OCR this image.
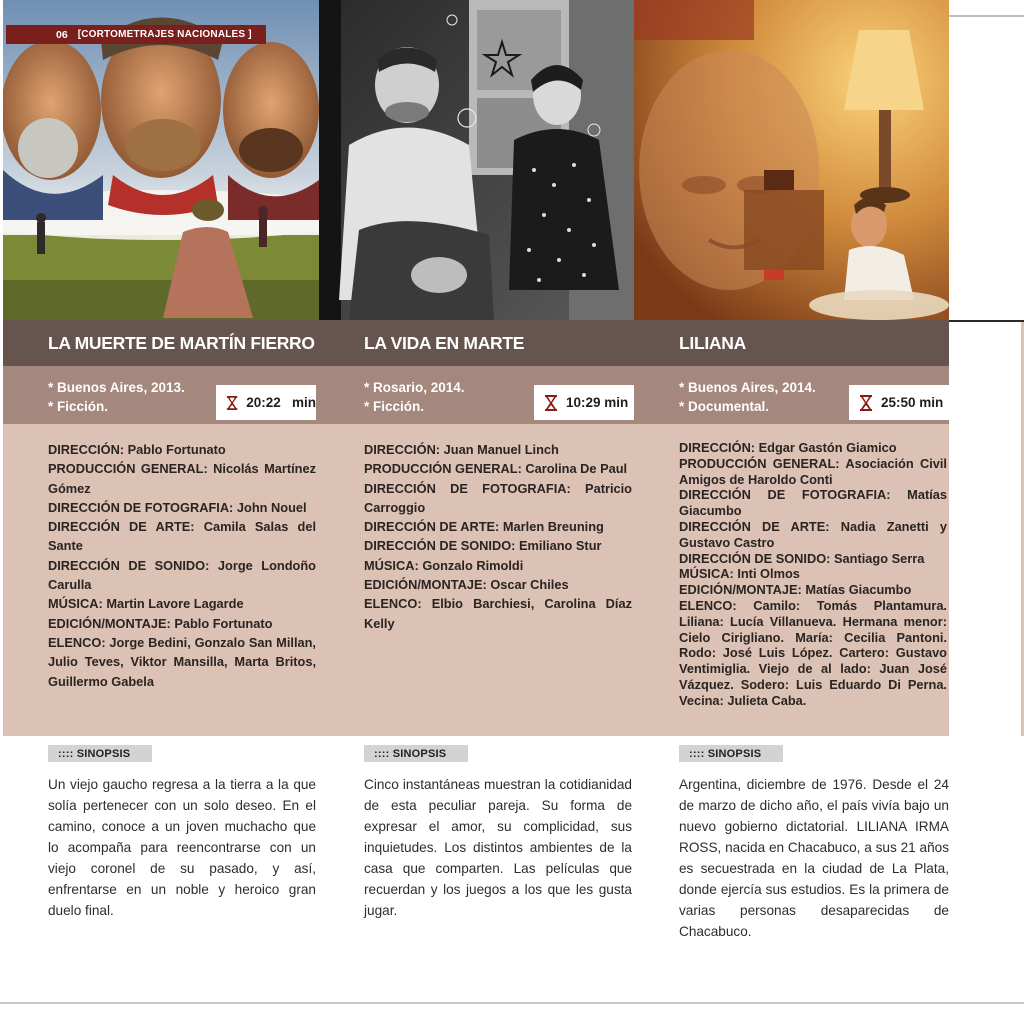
06	[CORTOMETRAJES NACIONALES ]
LA MUERTE DE MARTÍN FIERRO
* Buenos Aires, 2013.
* Ficción.	20:22   min
DIRECCIÓN: Pablo Fortunato
PRODUCCIÓN GENERAL: Nicolás Martínez Gómez
DIRECCIÓN DE FOTOGRAFIA: John Nouel
DIRECCIÓN DE ARTE: Camila Salas del Sante
DIRECCIÓN DE SONIDO: Jorge Londoño Carulla
MÚSICA: Martin Lavore Lagarde
EDICIÓN/MONTAJE: Pablo Fortunato
ELENCO: Jorge Bedini, Gonzalo San Millan, Julio Teves, Viktor Mansilla, Marta Britos, Guillermo Gabela
:::: SINOPSIS
Un viejo gaucho regresa a la tierra a la que solía pertenecer con un solo deseo. En el camino, conoce a un joven muchacho que lo acompaña para reencontrarse con un viejo coronel de su pasado, y así, enfrentarse en un noble y heroico gran duelo final.
LA VIDA EN MARTE
* Rosario, 2014.
* Ficción.	10:29 min
DIRECCIÓN: Juan Manuel Linch
PRODUCCIÓN GENERAL: Carolina De Paul
DIRECCIÓN DE FOTOGRAFIA: Patricio Carroggio
DIRECCIÓN DE ARTE: Marlen Breuning
DIRECCIÓN DE SONIDO: Emiliano Stur
MÚSICA: Gonzalo Rimoldi
EDICIÓN/MONTAJE: Oscar Chiles
ELENCO: Elbio Barchiesi, Carolina Díaz Kelly
:::: SINOPSIS
Cinco instantáneas muestran la cotidianidad de esta peculiar pareja. Su forma de expresar el amor, su complicidad, sus inquietudes. Los distintos ambientes de la casa que comparten. Las películas que recuerdan y los juegos a los que les gusta jugar.
LILIANA
* Buenos Aires, 2014.
* Documental.	25:50 min
DIRECCIÓN: Edgar Gastón Giamico
PRODUCCIÓN GENERAL: Asociación Civil Amigos de Haroldo Conti
DIRECCIÓN DE FOTOGRAFIA: Matías Giacumbo
DIRECCIÓN DE ARTE: Nadia Zanetti y Gustavo Castro
DIRECCIÓN DE SONIDO: Santiago Serra
MÚSICA: Inti Olmos
EDICIÓN/MONTAJE: Matías Giacumbo
ELENCO: Camilo: Tomás Plantamura. Liliana: Lucía Villanueva. Hermana menor: Cielo Cirigliano. María: Cecilia Pantoni. Rodo: José Luis López. Cartero: Gustavo Ventimiglia. Viejo de al lado: Juan José Vázquez. Sodero: Luis Eduardo Di Perna. Vecina: Julieta Caba.
:::: SINOPSIS
Argentina, diciembre de 1976. Desde el 24 de marzo de dicho año, el país vivía bajo un nuevo gobierno dictatorial. LILIANA IRMA ROSS, nacida en Chacabuco, a sus 21 años es secuestrada en la ciudad de La Plata, donde ejercía sus estudios. Es la primera de varias personas desaparecidas de Chacabuco.
